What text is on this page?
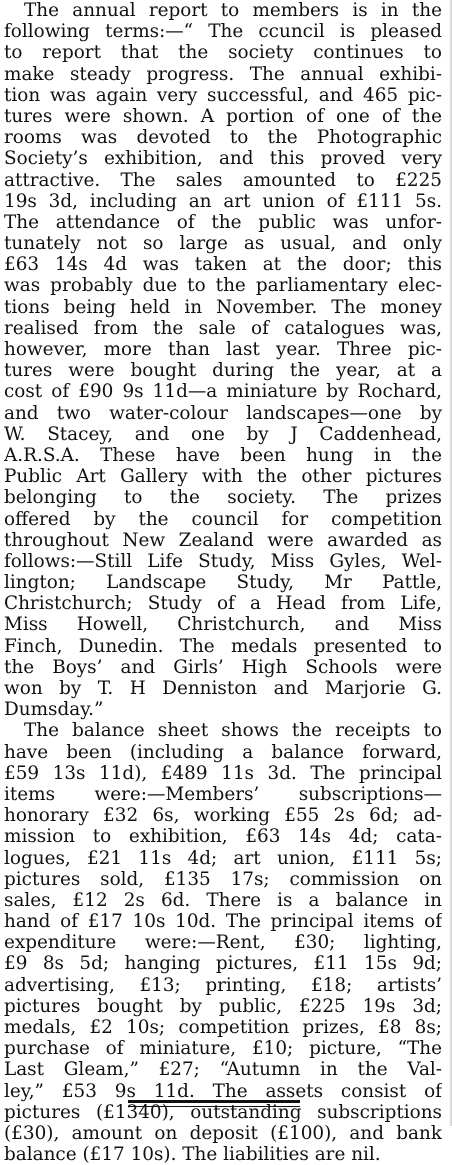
The annual report to members is in the
following terms:—“ The ccuncil is pleased
to report that the society continues to
make steady progress. The annual exhibi-
tion was again very successful, and 465 pic-
tures were shown. A portion of one of the
rooms was devoted to the Photographic
Society’s exhibition, and this proved very
attractive. The sales amounted to £225
19s 3d, including an art union of £111 5s.
The attendance of the public was unfor-
tunately not so large as usual, and only
£63 14s 4d was taken at the door; this
was probably due to the parliamentary elec-
tions being held in November. The money
realised from the sale of catalogues was,
however, more than last year. Three pic-
tures were bought during the year, at a
cost of £90 9s 11d—a miniature by Rochard,
and two water-colour landscapes—one by
W. Stacey, and one by J Caddenhead,
A.R.S.A. These have been hung in the
Public Art Gallery with the other pictures
belonging to the society. The prizes
offered by the council for competition
throughout New Zealand were awarded as
follows:—Still Life Study, Miss Gyles, Wel-
lington; Landscape Study, Mr Pattle,
Christchurch; Study of a Head from Life,
Miss Howell, Christchurch, and Miss
Finch, Dunedin. The medals presented to
the Boys’ and Girls’ High Schools were
won by T. H Denniston and Marjorie G.
Dumsday.”
The balance sheet shows the receipts to
have been (including a balance forward,
£59 13s 11d), £489 11s 3d. The principal
items were:—Members’ subscriptions—
honorary £32 6s, working £55 2s 6d; ad-
mission to exhibition, £63 14s 4d; cata-
logues, £21 11s 4d; art union, £111 5s;
pictures sold, £135 17s; commission on
sales, £12 2s 6d. There is a balance in
hand of £17 10s 10d. The principal items of
expenditure were:—Rent, £30; lighting,
£9 8s 5d; hanging pictures, £11 15s 9d;
advertising, £13; printing, £18; artists’
pictures bought by public, £225 19s 3d;
medals, £2 10s; competition prizes, £8 8s;
purchase of miniature, £10; picture, “The
Last Gleam,” £27; “Autumn in the Val-
ley,” £53 9s 11d. The assets consist of
pictures (£1340), outstanding subscriptions
(£30), amount on deposit (£100), and bank
balance (£17 10s). The liabilities are nil.
